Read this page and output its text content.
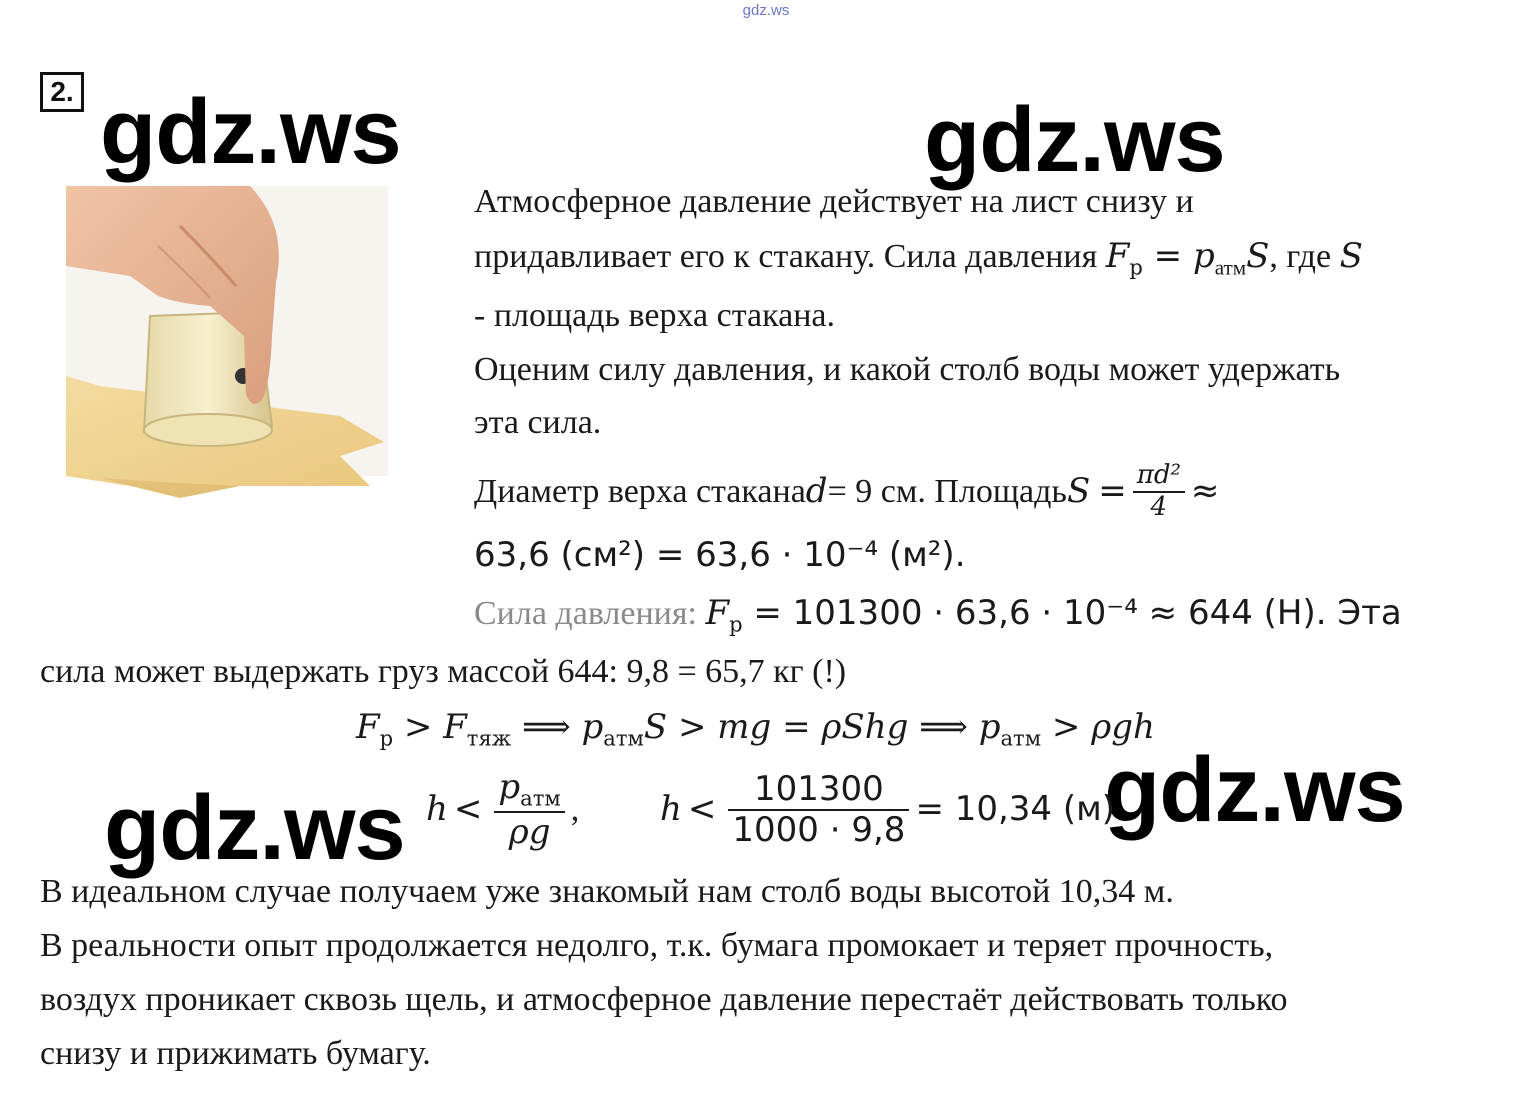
gdz.ws
2. gdz.ws	gdz.ws
gdz.ws	gdz.ws
Атмосферное давление действует на лист снизу и
придавливает его к стакану. Сила давления $F_р = p_{атм}S$, где S
- площадь верха стакана.
Оценим силу давления, и какой столб воды может удержать
эта сила.
Диаметр верха стакана d = 9 см. Площадь $S = \frac{\text{πd²}}{4}$ ≈
63,6 (см²) = 63,6 · 10⁻⁴ (м²).
Сила давления: $F_р = 101300 \cdot 63,6 \cdot 10^{-4} \approx 644$ (Н). Эта
сила может выдержать груз массой 644: 9,8 = 65,7 кг (!)
$F_р > F_{тяж}$ ⟹ $p_{атм}S$ > mg = ρShg ⟹ $p_{атм} > \rho gh$
$h < \frac{p_{атм}}{\rho g}$ , $h < \frac{101300}{1000 \cdot 9,8} = 10,34$ (м)
В идеальном случае получаем уже знакомый нам столб воды высотой 10,34 м.
В реальности опыт продолжается недолго, т.к. бумага промокает и теряет прочность,
воздух проникает сквозь щель, и атмосферное давление перестаёт действовать только
снизу и прижимать бумагу.
